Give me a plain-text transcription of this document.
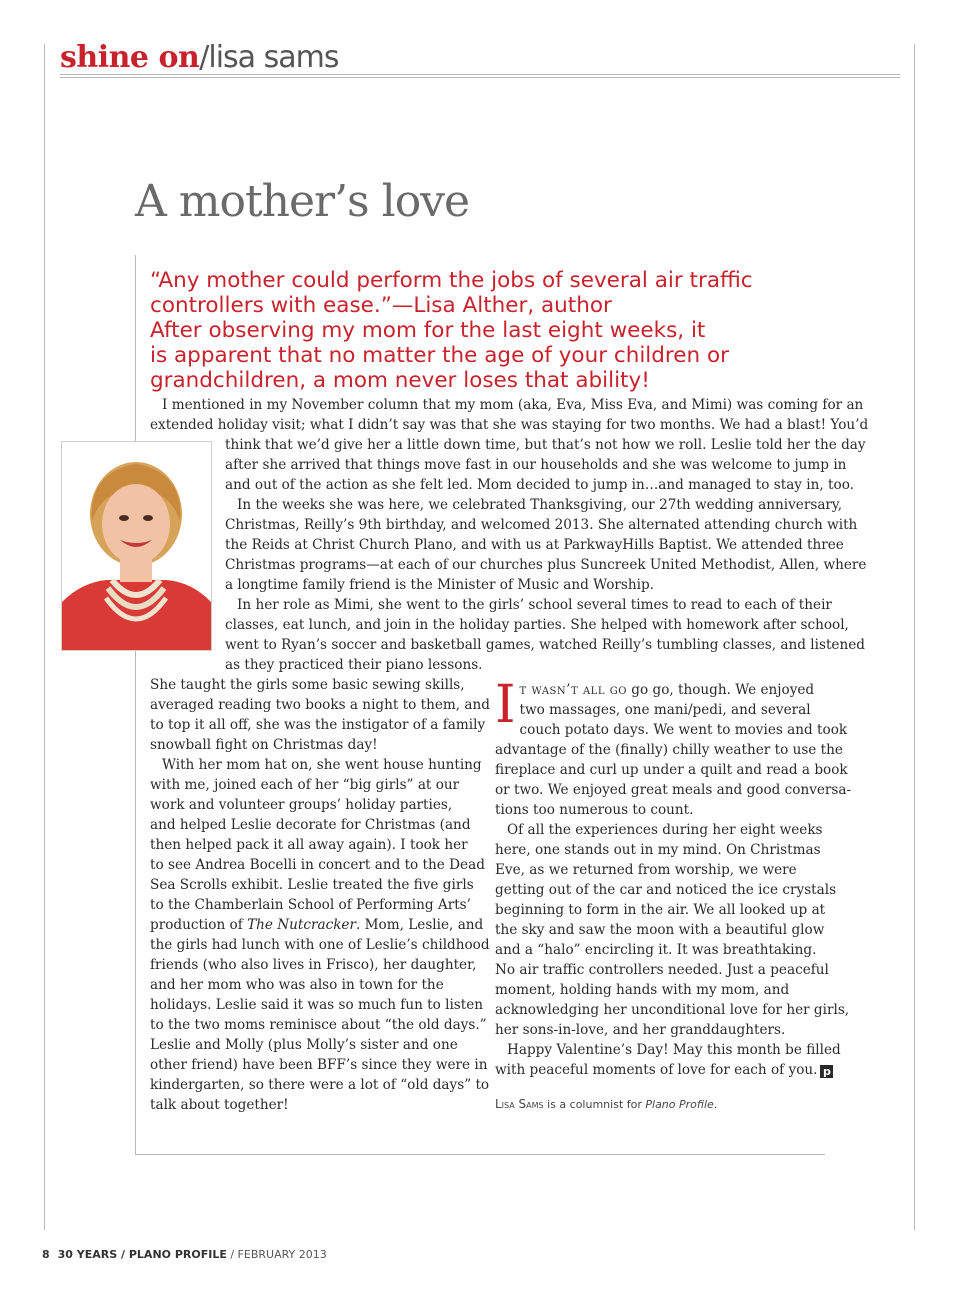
shine on/lisa sams
A mother’s love
“Any mother could perform the jobs of several air traffic
controllers with ease.”—Lisa Alther, author
After observing my mom for the last eight weeks, it
is apparent that no matter the age of your children or
grandchildren, a mom never loses that ability!
I mentioned in my November column that my mom (aka, Eva, Miss Eva, and Mimi) was coming for an
extended holiday visit; what I didn’t say was that she was staying for two months. We had a blast! You’d
think that we’d give her a little down time, but that’s not how we roll. Leslie told her the day
after she arrived that things move fast in our households and she was welcome to jump in
and out of the action as she felt led. Mom decided to jump in…and managed to stay in, too.
In the weeks she was here, we celebrated Thanksgiving, our 27th wedding anniversary,
Christmas, Reilly’s 9th birthday, and welcomed 2013. She alternated attending church with
the Reids at Christ Church Plano, and with us at ParkwayHills Baptist. We attended three
Christmas programs—at each of our churches plus Suncreek United Methodist, Allen, where
a longtime family friend is the Minister of Music and Worship.
In her role as Mimi, she went to the girls’ school several times to read to each of their
classes, eat lunch, and join in the holiday parties. She helped with homework after school,
went to Ryan’s soccer and basketball games, watched Reilly’s tumbling classes, and listened
as they practiced their piano lessons.
She taught the girls some basic sewing skills,
averaged reading two books a night to them, and
to top it all off, she was the instigator of a family
snowball fight on Christmas day!
With her mom hat on, she went house hunting
with me, joined each of her “big girls” at our
work and volunteer groups’ holiday parties,
and helped Leslie decorate for Christmas (and
then helped pack it all away again). I took her
to see Andrea Bocelli in concert and to the Dead
Sea Scrolls exhibit. Leslie treated the five girls
to the Chamberlain School of Performing Arts’
production of The Nutcracker. Mom, Leslie, and
the girls had lunch with one of Leslie’s childhood
friends (who also lives in Frisco), her daughter,
and her mom who was also in town for the
holidays. Leslie said it was so much fun to listen
to the two moms reminisce about “the old days.”
Leslie and Molly (plus Molly’s sister and one
other friend) have been BFF’s since they were in
kindergarten, so there were a lot of “old days” to
talk about together!
I t wasn’t all go go go, though. We enjoyed
two massages, one mani/pedi, and several
couch potato days. We went to movies and took
advantage of the (finally) chilly weather to use the
fireplace and curl up under a quilt and read a book
or two. We enjoyed great meals and good conversa-
tions too numerous to count.
Of all the experiences during her eight weeks
here, one stands out in my mind. On Christmas
Eve, as we returned from worship, we were
getting out of the car and noticed the ice crystals
beginning to form in the air. We all looked up at
the sky and saw the moon with a beautiful glow
and a “halo” encircling it. It was breathtaking.
No air traffic controllers needed. Just a peaceful
moment, holding hands with my mom, and
acknowledging her unconditional love for her girls,
her sons-in-love, and her granddaughters.
Happy Valentine’s Day! May this month be filled
with peaceful moments of love for each of you. p
Lisa Sams is a columnist for Plano Profile.
8 30 YEARS / PLANO PROFILE / FEBRUARY 2013
